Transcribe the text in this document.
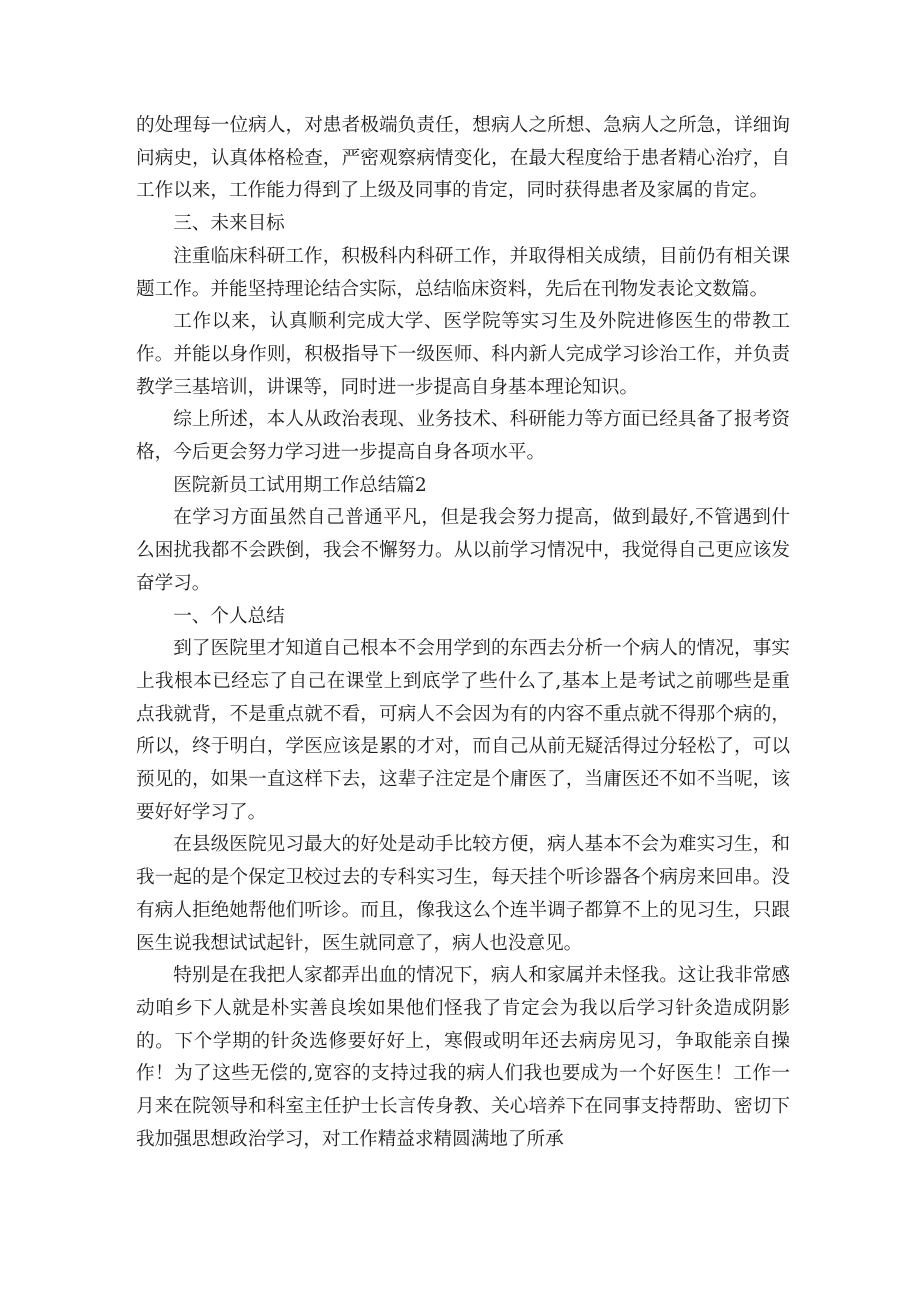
的处理每一位病人，对患者极端负责任，想病人之所想、急病人之所急，详细询问病史，认真体格检查，严密观察病情变化，在最大程度给于患者精心治疗，自工作以来，工作能力得到了上级及同事的肯定，同时获得患者及家属的肯定。

三、未来目标

注重临床科研工作，积极科内科研工作，并取得相关成绩，目前仍有相关课题工作。并能坚持理论结合实际，总结临床资料，先后在刊物发表论文数篇。

工作以来，认真顺利完成大学、医学院等实习生及外院进修医生的带教工作。并能以身作则，积极指导下一级医师、科内新人完成学习诊治工作，并负责教学三基培训，讲课等，同时进一步提高自身基本理论知识。

综上所述，本人从政治表现、业务技术、科研能力等方面已经具备了报考资格，今后更会努力学习进一步提高自身各项水平。

医院新员工试用期工作总结篇2

在学习方面虽然自己普通平凡，但是我会努力提高，做到最好,不管遇到什么困扰我都不会跌倒，我会不懈努力。从以前学习情况中，我觉得自己更应该发奋学习。

一、个人总结

到了医院里才知道自己根本不会用学到的东西去分析一个病人的情况，事实上我根本已经忘了自己在课堂上到底学了些什么了,基本上是考试之前哪些是重点我就背，不是重点就不看，可病人不会因为有的内容不重点就不得那个病的，所以，终于明白，学医应该是累的才对，而自己从前无疑活得过分轻松了，可以预见的，如果一直这样下去，这辈子注定是个庸医了，当庸医还不如不当呢，该要好好学习了。

在县级医院见习最大的好处是动手比较方便，病人基本不会为难实习生，和我一起的是个保定卫校过去的专科实习生，每天挂个听诊器各个病房来回串。没有病人拒绝她帮他们听诊。而且，像我这么个连半调子都算不上的见习生，只跟医生说我想试试起针，医生就同意了，病人也没意见。

特别是在我把人家都弄出血的情况下，病人和家属并未怪我。这让我非常感动咱乡下人就是朴实善良埃如果他们怪我了肯定会为我以后学习针灸造成阴影的。下个学期的针灸选修要好好上，寒假或明年还去病房见习，争取能亲自操作！为了这些无偿的,宽容的支持过我的病人们我也要成为一个好医生！工作一月来在院领导和科室主任护士长言传身教、关心培养下在同事支持帮助、密切下我加强思想政治学习，对工作精益求精圆满地了所承
